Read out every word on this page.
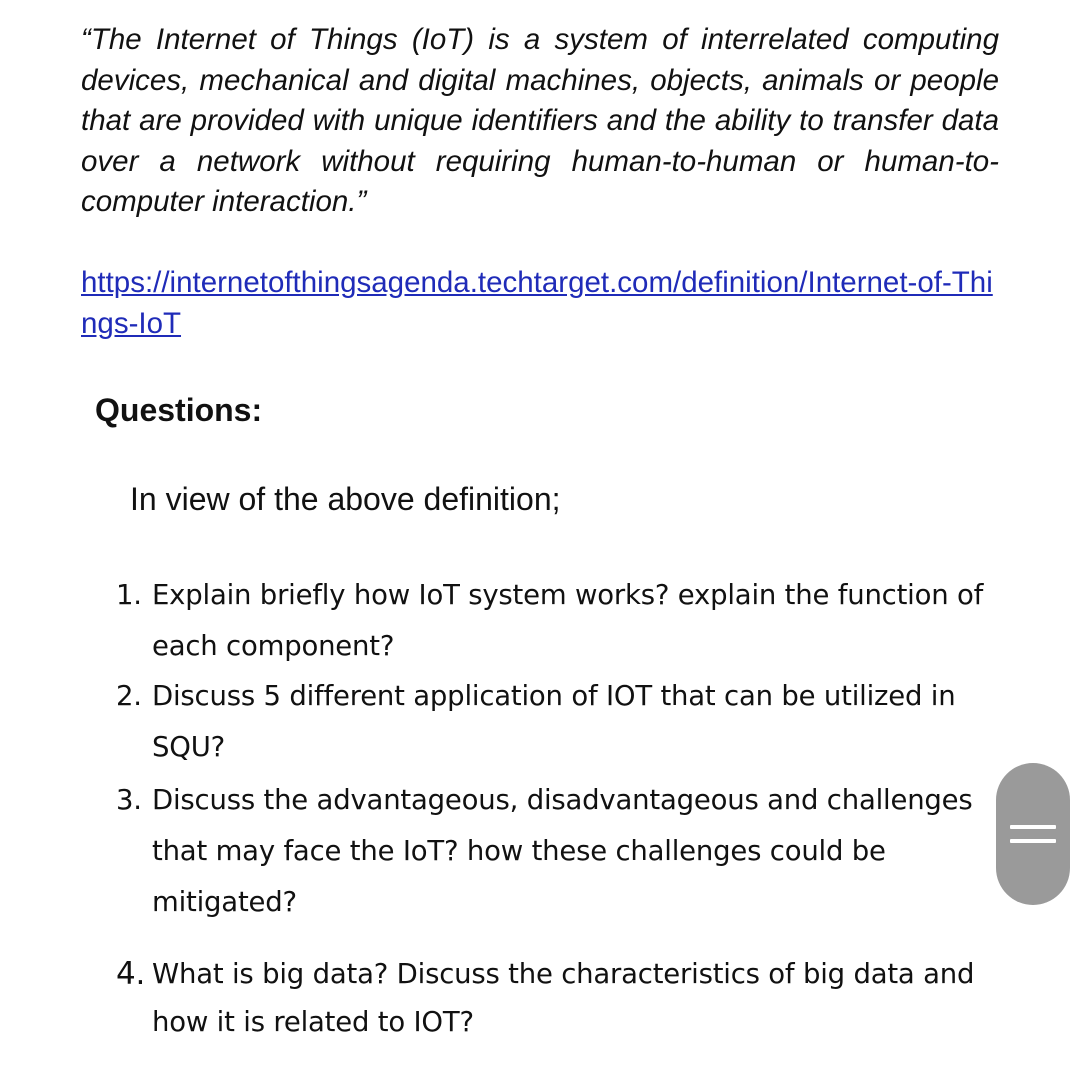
“The Internet of Things (IoT) is a system of interrelated computing devices, mechanical and digital machines, objects, animals or people that are provided with unique identifiers and the ability to transfer data over a network without requiring human-to-human or human-to-computer interaction.”

https://internetofthingsagenda.techtarget.com/definition/Internet-of-Things-IoT
Questions:

In view of the above definition;

1. Explain briefly how IoT system works? explain the function of each component?
2. Discuss 5 different application of IOT that can be utilized in SQU?
3. Discuss the advantageous, disadvantageous and challenges that may face the IoT? how these challenges could be mitigated?
4. What is big data? Discuss the characteristics of big data and how it is related to IOT?
